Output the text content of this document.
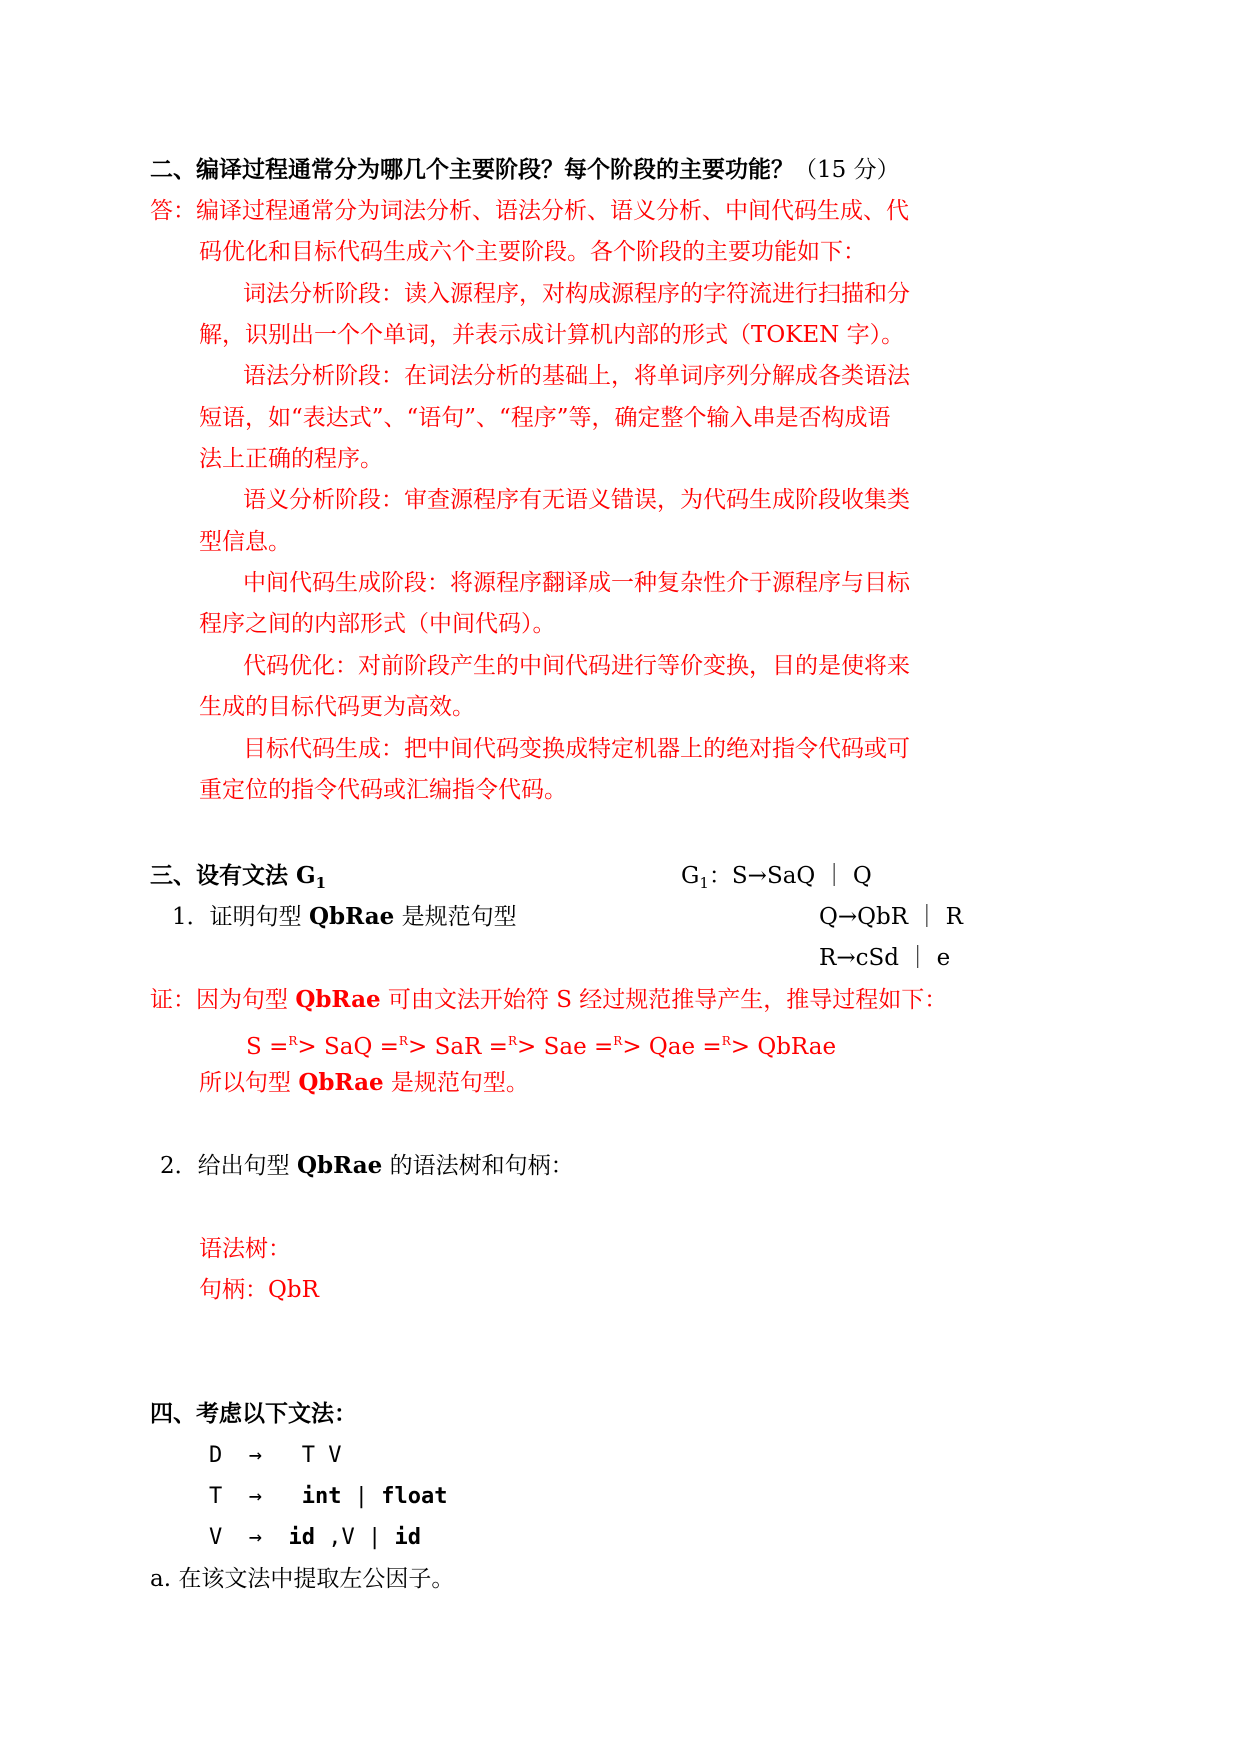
二、编译过程通常分为哪几个主要阶段？每个阶段的主要功能？（15 分）
答：编译过程通常分为词法分析、语法分析、语义分析、中间代码生成、代
码优化和目标代码生成六个主要阶段。各个阶段的主要功能如下：
词法分析阶段：读入源程序，对构成源程序的字符流进行扫描和分
解，识别出一个个单词，并表示成计算机内部的形式（TOKEN 字）。
语法分析阶段：在词法分析的基础上，将单词序列分解成各类语法
短语，如“表达式”、“语句”、“程序”等，确定整个输入串是否构成语
法上正确的程序。
语义分析阶段：审查源程序有无语义错误，为代码生成阶段收集类
型信息。
中间代码生成阶段：将源程序翻译成一种复杂性介于源程序与目标
程序之间的内部形式（中间代码）。
代码优化：对前阶段产生的中间代码进行等价变换，目的是使将来
生成的目标代码更为高效。
目标代码生成：把中间代码变换成特定机器上的绝对指令代码或可
重定位的指令代码或汇编指令代码。
三、设有文法 $G_1$	$G_1$：S→SaQ ｜ Q
1．证明句型 QbRae 是规范句型	Q→QbR ｜ R
R→cSd ｜ e
证：因为句型 QbRae 可由文法开始符 S 经过规范推导产生，推导过程如下：
S =$^R$> SaQ =$^R$> SaR =$^R$> Sae =$^R$> Qae =$^R$> QbRae
所以句型 QbRae 是规范句型。
2．给出句型 QbRae 的语法树和句柄：
语法树：
句柄：QbR
四、考虑以下文法：
D → T V
T → int | float
V → id ,V | id
a. 在该文法中提取左公因子。
